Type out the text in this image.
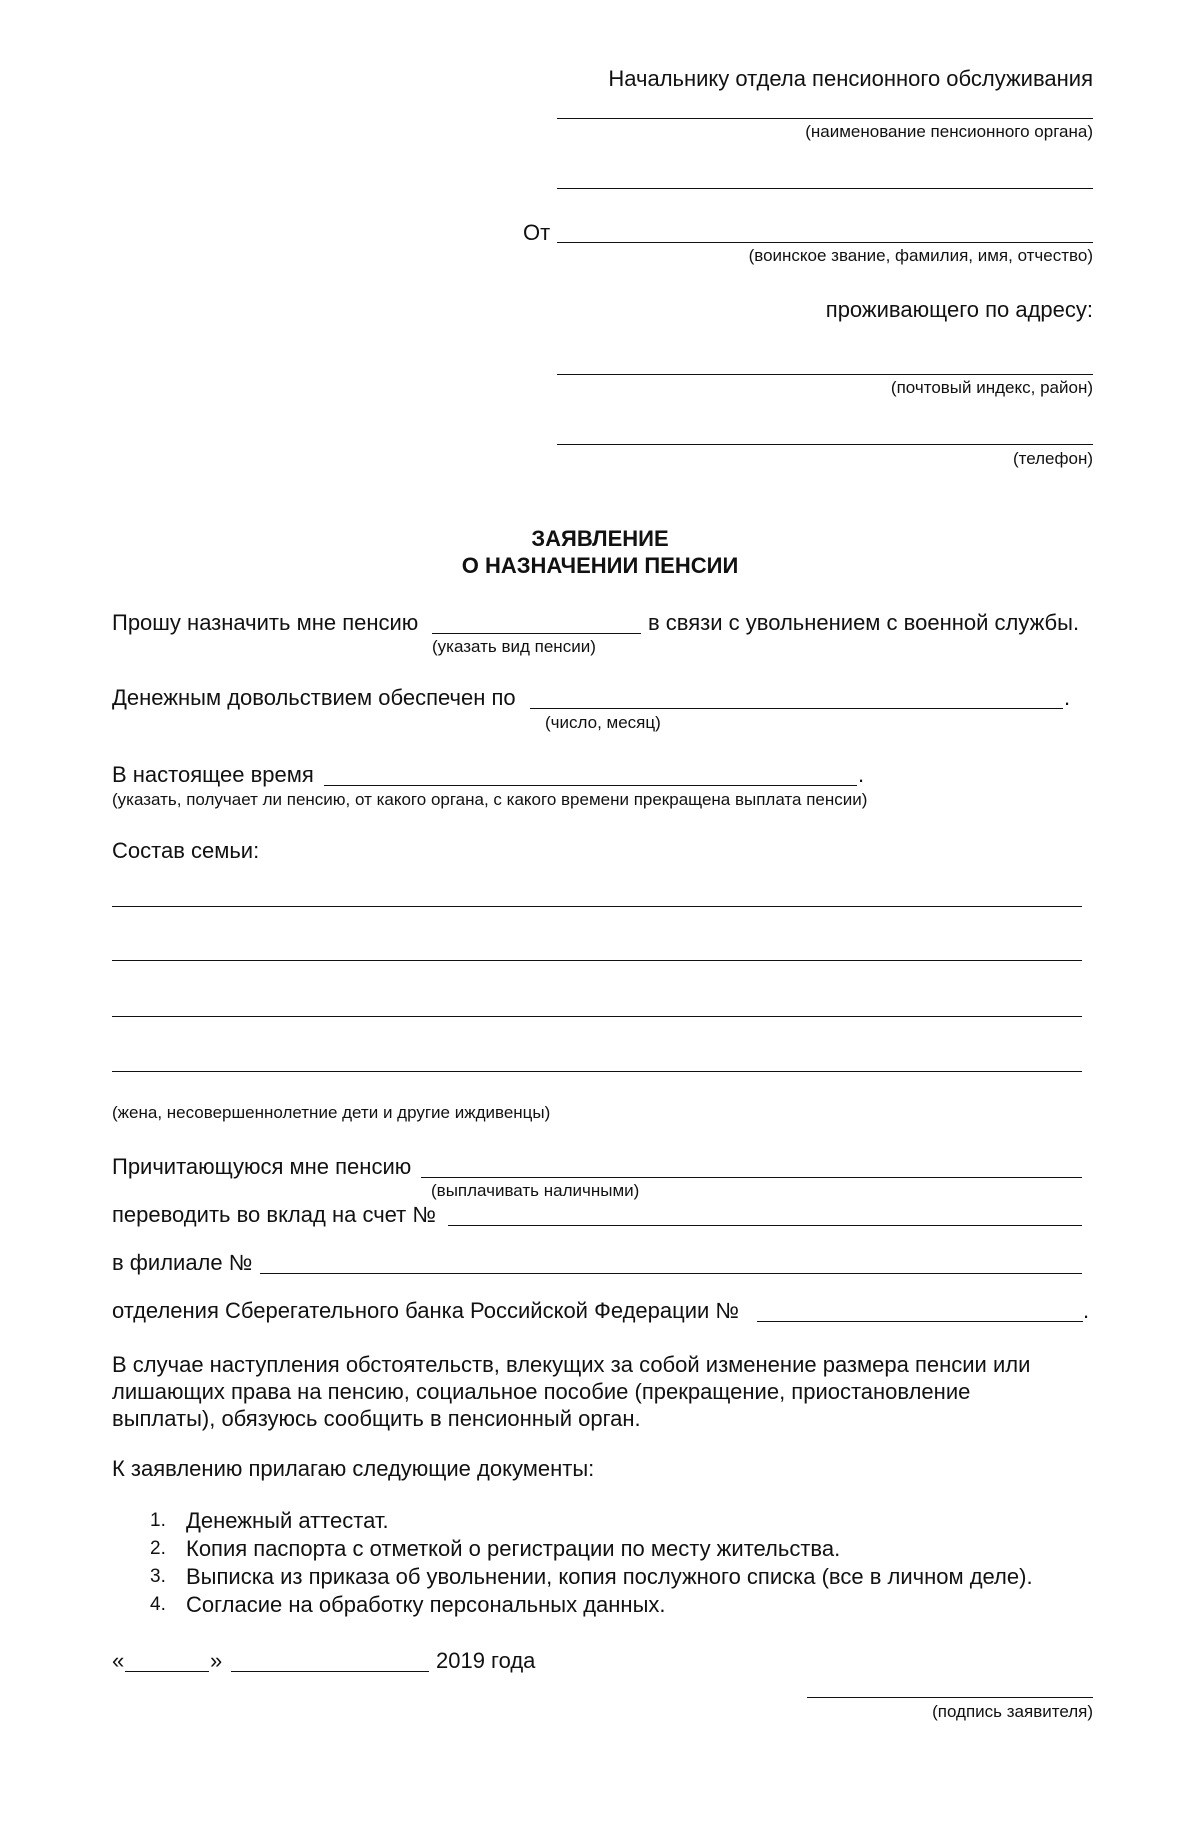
Начальнику отдела пенсионного обслуживания
(наименование пенсионного органа)
От
(воинское звание, фамилия, имя, отчество)
проживающего по адресу:
(почтовый индекс, район)
(телефон)
ЗАЯВЛЕНИЕ
О НАЗНАЧЕНИИ ПЕНСИИ
Прошу назначить мне пенсию	в связи с увольнением с военной службы.
(указать вид пенсии)
Денежным довольствием обеспечен по	.
(число, месяц)
В настоящее время	.
(указать, получает ли пенсию, от какого органа, с какого времени прекращена выплата пенсии)
Состав семьи:
(жена, несовершеннолетние дети и другие иждивенцы)
Причитающуюся мне пенсию
(выплачивать наличными)
переводить во вклад на счет №
в филиале №
отделения Сберегательного банка Российской Федерации №	.
В случае наступления обстоятельств, влекущих за собой изменение размера пенсии или
лишающих права на пенсию, социальное пособие (прекращение, приостановление
выплаты), обязуюсь сообщить в пенсионный орган.
К заявлению прилагаю следующие документы:
1. Денежный аттестат.
2. Копия паспорта с отметкой о регистрации по месту жительства.
3. Выписка из приказа об увольнении, копия послужного списка (все в личном деле).
4. Согласие на обработку персональных данных.
«	»	2019 года
(подпись заявителя)
